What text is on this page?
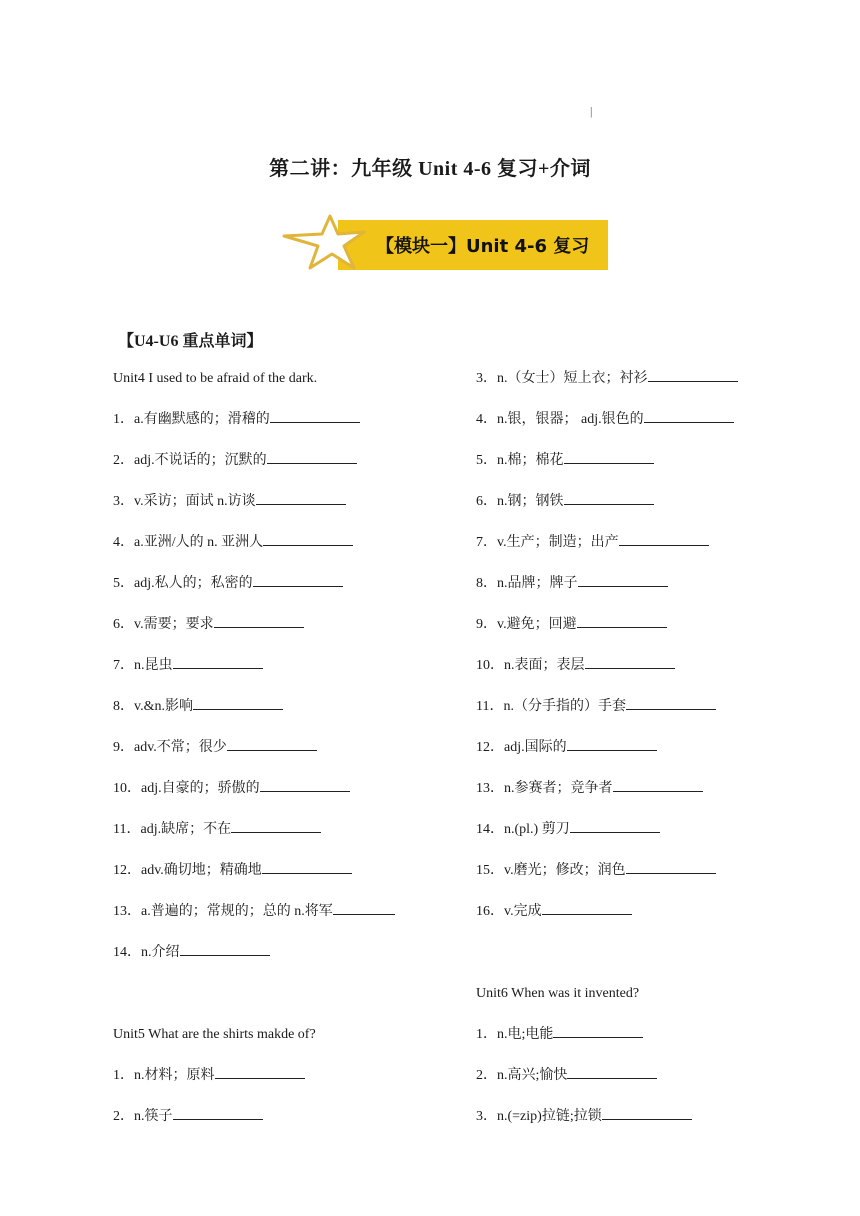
|
第二讲：九年级 Unit 4-6 复习+介词
【模块一】Unit 4-6 复习
【U4-U6 重点单词】
Unit4 I used to be afraid of the dark.
1．a.有幽默感的；滑稽的
2．adj.不说话的；沉默的
3．v.采访；面试 n.访谈
4．a.亚洲/人的 n. 亚洲人
5．adj.私人的；私密的
6．v.需要；要求
7．n.昆虫
8．v.&n.影响
9．adv.不常；很少
10．adj.自豪的；骄傲的
11．adj.缺席；不在
12．adv.确切地；精确地
13．a.普遍的；常规的；总的 n.将军
14．n.介绍
Unit5 What are the shirts makde of?
1．n.材料；原料
2．n.筷子
3．n.（女士）短上衣；衬衫
4．n.银，银器； adj.银色的
5．n.棉；棉花
6．n.钢；钢铁
7．v.生产；制造；出产
8．n.品牌；牌子
9．v.避免；回避
10．n.表面；表层
11．n.（分手指的）手套
12．adj.国际的
13．n.参赛者；竞争者
14．n.(pl.) 剪刀
15．v.磨光；修改；润色
16．v.完成
Unit6 When was it invented?
1．n.电;电能
2．n.高兴;愉快
3．n.(=zip)拉链;拉锁
